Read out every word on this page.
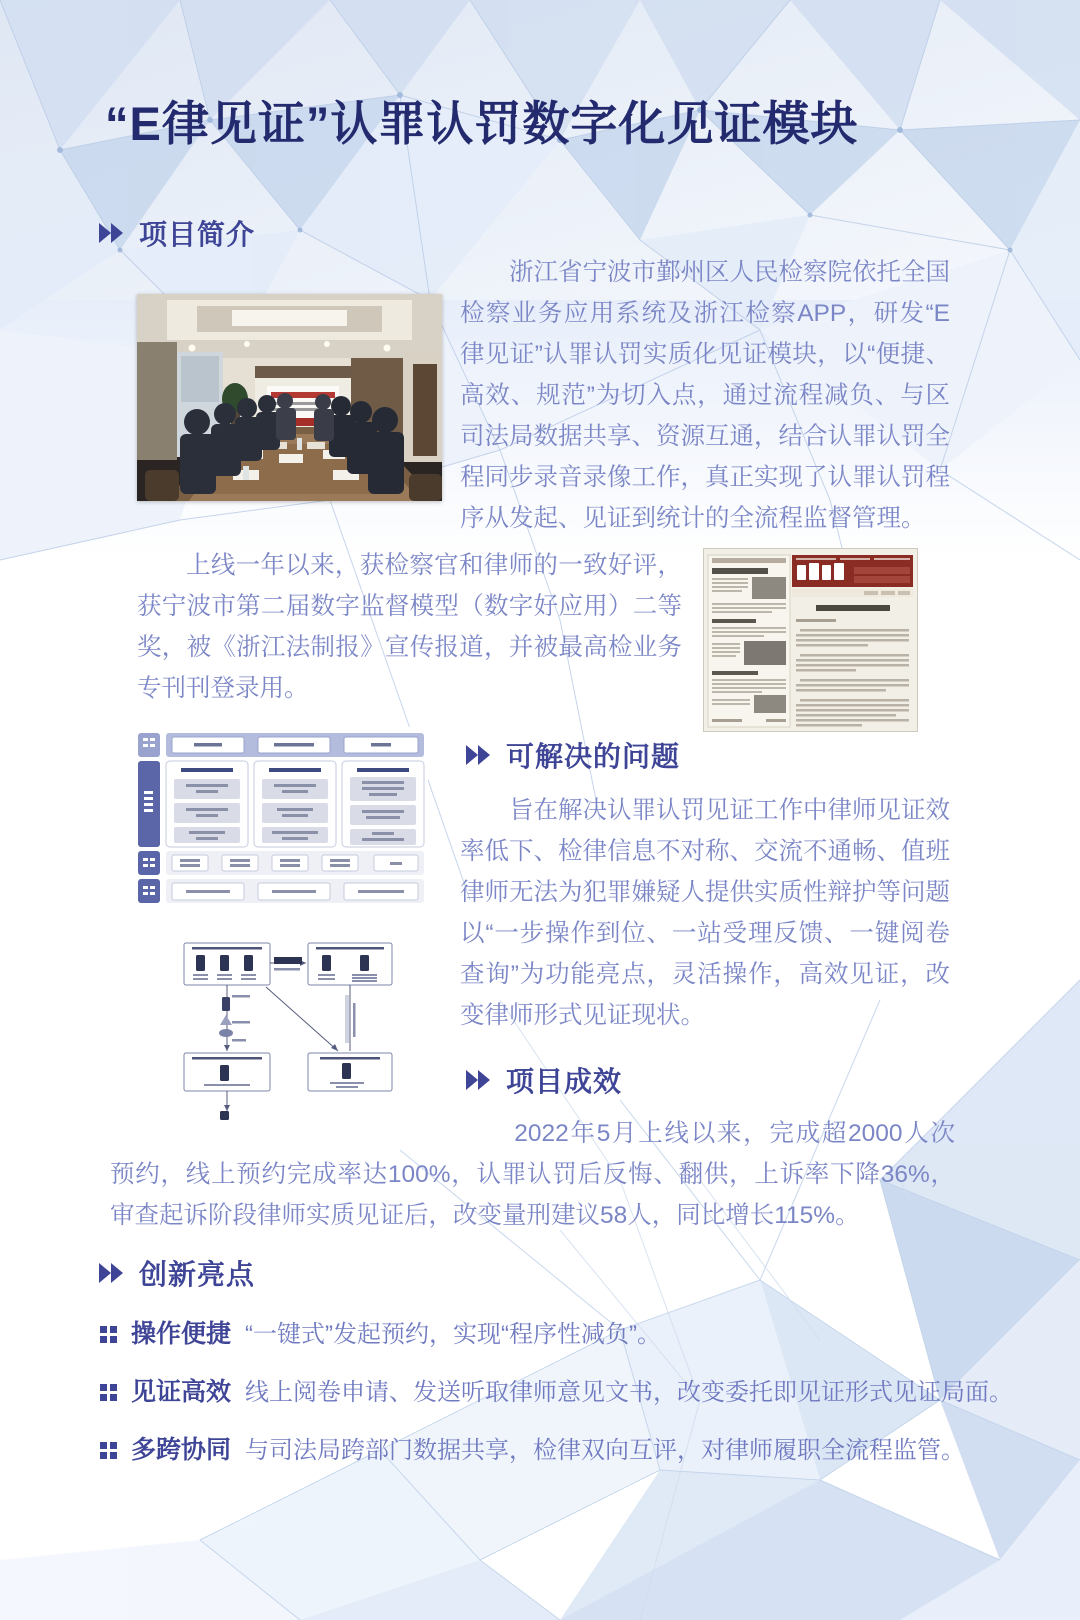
“E律见证”认罪认罚数字化见证模块
项目简介
浙江省宁波市鄞州区人民检察院依托全国检察业务应用系统及浙江检察APP，研发“E律见证”认罪认罚实质化见证模块，以“便捷、高效、规范”为切入点，通过流程减负、与区司法局数据共享、资源互通，结合认罪认罚全程同步录音录像工作，真正实现了认罪认罚程序从发起、见证到统计的全流程监督管理。
上线一年以来，获检察官和律师的一致好评，获宁波市第二届数字监督模型（数字好应用）二等奖，被《浙江法制报》宣传报道，并被最高检业务专刊刊登录用。
可解决的问题
旨在解决认罪认罚见证工作中律师见证效率低下、检律信息不对称、交流不通畅、值班律师无法为犯罪嫌疑人提供实质性辩护等问题以“一步操作到位、一站受理反馈、一键阅卷查询”为功能亮点，灵活操作，高效见证，改变律师形式见证现状。
项目成效
2022年5月上线以来，完成超2000人次预约，线上预约完成率达100%，认罪认罚后反悔、翻供，上诉率下降36%，审查起诉阶段律师实质见证后，改变量刑建议58人，同比增长115%。
创新亮点
操作便捷 “一键式”发起预约，实现“程序性减负”。
见证高效 线上阅卷申请、发送听取律师意见文书，改变委托即见证形式见证局面。
多跨协同 与司法局跨部门数据共享，检律双向互评，对律师履职全流程监管。
